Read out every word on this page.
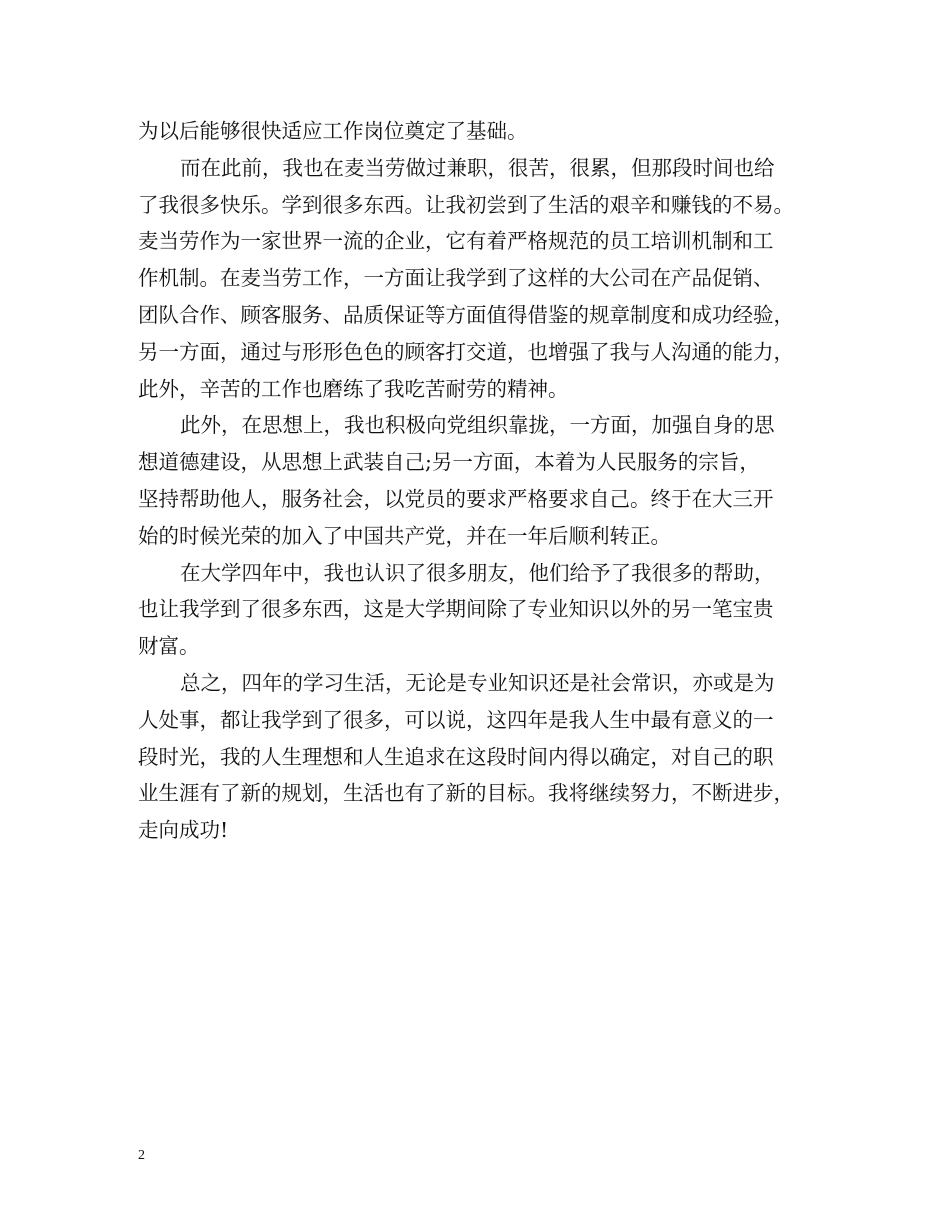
为以后能够很快适应工作岗位奠定了基础。
而在此前，我也在麦当劳做过兼职，很苦，很累，但那段时间也给
了我很多快乐。学到很多东西。让我初尝到了生活的艰辛和赚钱的不易。
麦当劳作为一家世界一流的企业，它有着严格规范的员工培训机制和工
作机制。在麦当劳工作，一方面让我学到了这样的大公司在产品促销、
团队合作、顾客服务、品质保证等方面值得借鉴的规章制度和成功经验，
另一方面，通过与形形色色的顾客打交道，也增强了我与人沟通的能力，
此外，辛苦的工作也磨练了我吃苦耐劳的精神。
此外，在思想上，我也积极向党组织靠拢，一方面，加强自身的思
想道德建设，从思想上武装自己;另一方面，本着为人民服务的宗旨，
坚持帮助他人，服务社会，以党员的要求严格要求自己。终于在大三开
始的时候光荣的加入了中国共产党，并在一年后顺利转正。
在大学四年中，我也认识了很多朋友，他们给予了我很多的帮助，
也让我学到了很多东西，这是大学期间除了专业知识以外的另一笔宝贵
财富。
总之，四年的学习生活，无论是专业知识还是社会常识，亦或是为
人处事，都让我学到了很多，可以说，这四年是我人生中最有意义的一
段时光，我的人生理想和人生追求在这段时间内得以确定，对自己的职
业生涯有了新的规划，生活也有了新的目标。我将继续努力，不断进步，
走向成功!
2
